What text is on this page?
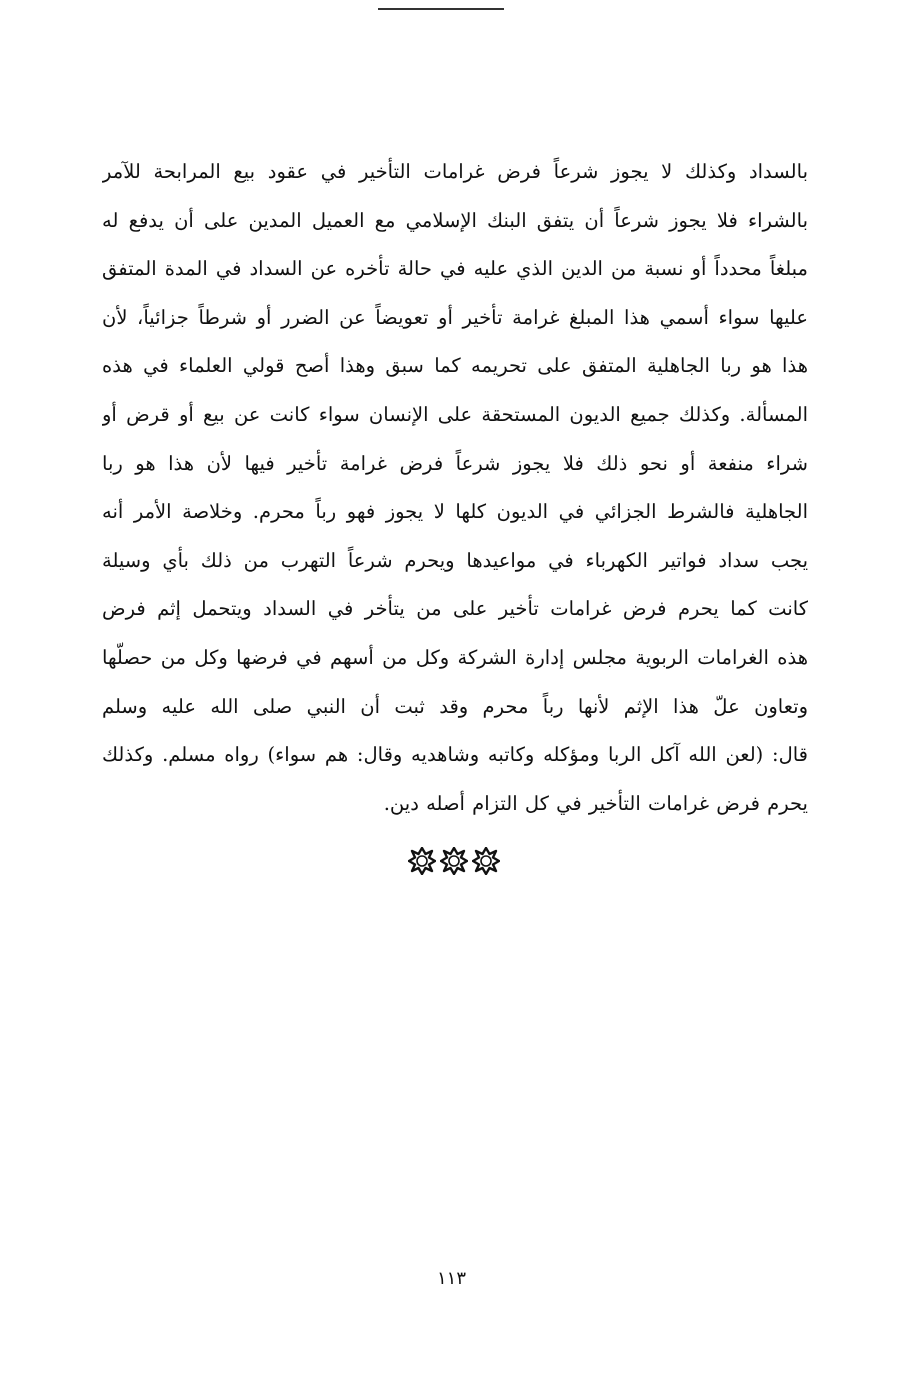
بالسداد وكذلك لا يجوز شرعاً فرض غرامات التأخير في عقود بيع المرابحة للآمر
بالشراء فلا يجوز شرعاً أن يتفق البنك الإسلامي مع العميل المدين على أن يدفع له
مبلغاً محدداً أو نسبة من الدين الذي عليه في حالة تأخره عن السداد في المدة المتفق
عليها سواء أسمي هذا المبلغ غرامة تأخير أو تعويضاً عن الضرر أو شرطاً جزائياً، لأن
هذا هو ربا الجاهلية المتفق على تحريمه كما سبق وهذا أصح قولي العلماء في هذه
المسألة. وكذلك جميع الديون المستحقة على الإنسان سواء كانت عن بيع أو قرض أو
شراء منفعة أو نحو ذلك فلا يجوز شرعاً فرض غرامة تأخير فيها لأن هذا هو ربا
الجاهلية فالشرط الجزائي في الديون كلها لا يجوز فهو رباً محرم. وخلاصة الأمر أنه
يجب سداد فواتير الكهرباء في مواعيدها ويحرم شرعاً التهرب من ذلك بأي وسيلة
كانت كما يحرم فرض غرامات تأخير على من يتأخر في السداد ويتحمل إثم فرض
هذه الغرامات الربوية مجلس إدارة الشركة وكل من أسهم في فرضها وكل من حصلّها
وتعاون علّ هذا الإثم لأنها رباً محرم وقد ثبت أن النبي صلى الله عليه وسلم
قال: (لعن الله آكل الربا ومؤكله وكاتبه وشاهديه وقال: هم سواء) رواه مسلم. وكذلك
يحرم فرض غرامات التأخير في كل التزام أصله دين.
١١٣
